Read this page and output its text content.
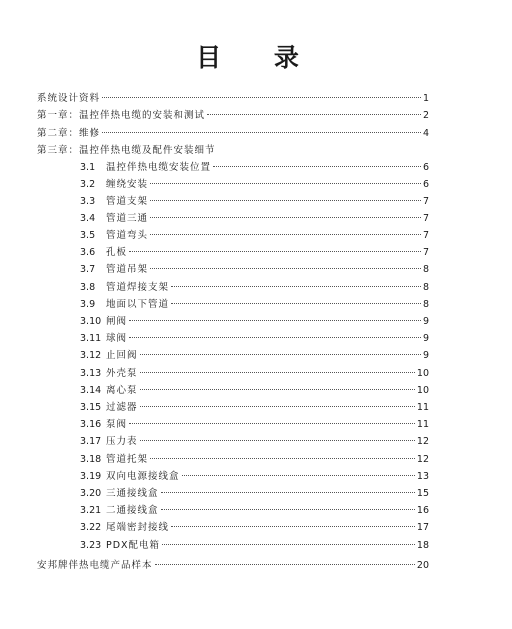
目 录
系统设计资料	1
第一章：温控伴热电缆的安装和测试	2
第二章：维修	4
第三章：温控伴热电缆及配件安装细节
3.1	温控伴热电缆安装位置	6
3.2	缠绕安装	6
3.3	管道支架	7
3.4	管道三通	7
3.5	管道弯头	7
3.6	孔板	7
3.7	管道吊架	8
3.8	管道焊接支架	8
3.9	地面以下管道	8
3.10 闸阀	9
3.11 球阀	9
3.12 止回阀	9
3.13 外壳泵	10
3.14 离心泵	10
3.15 过滤器	11
3.16 泵阀	11
3.17 压力表	12
3.18 管道托架	12
3.19 双向电源接线盒	13
3.20 三通接线盒	15
3.21 二通接线盒	16
3.22 尾端密封接线	17
3.23 PDX配电箱	18
安邦牌伴热电缆产品样本	20
